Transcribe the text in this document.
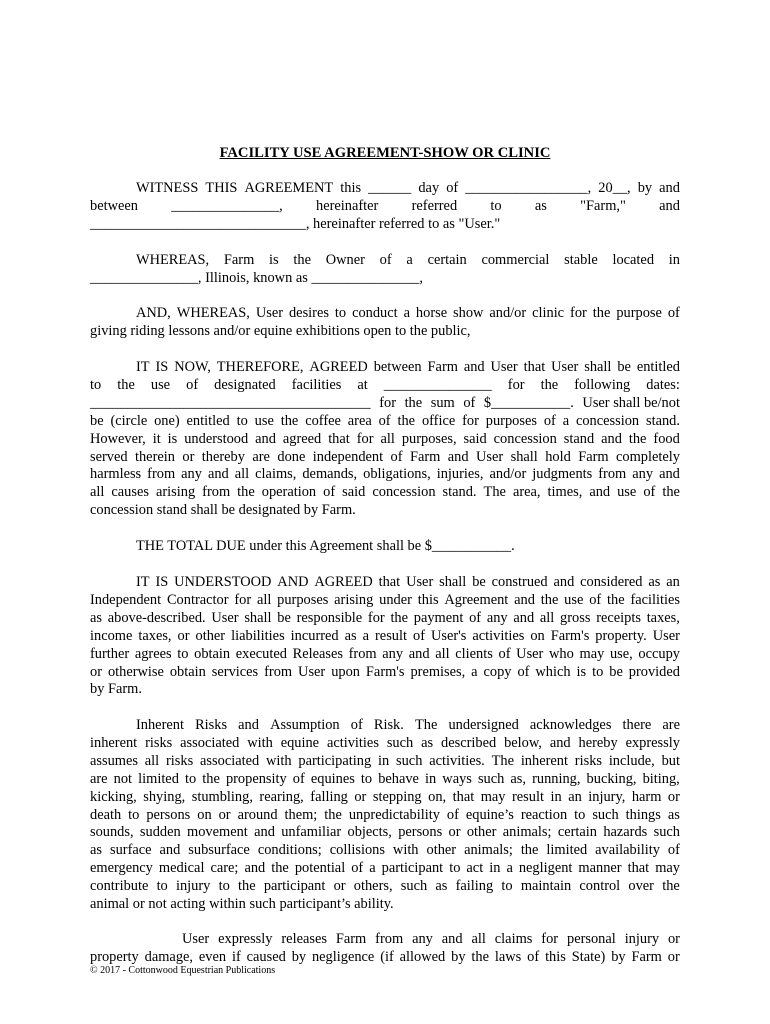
FACILITY USE AGREEMENT-SHOW OR CLINIC
WITNESS THIS AGREEMENT this ______ day of _________________, 20__, by and
between _______________, hereinafter referred to as "Farm," and
______________________________, hereinafter referred to as "User."
WHEREAS, Farm is the Owner of a certain commercial stable located in
_______________, Illinois, known as _______________,
AND, WHEREAS, User desires to conduct a horse show and/or clinic for the purpose of
giving riding lessons and/or equine exhibitions open to the public,
IT IS NOW, THEREFORE, AGREED between Farm and User that User shall be entitled
to the use of designated facilities at _______________ for the following dates:
_______________________________________ for the sum of $___________. User shall be/not
be (circle one) entitled to use the coffee area of the office for purposes of a concession stand.
However, it is understood and agreed that for all purposes, said concession stand and the food
served therein or thereby are done independent of Farm and User shall hold Farm completely
harmless from any and all claims, demands, obligations, injuries, and/or judgments from any and
all causes arising from the operation of said concession stand. The area, times, and use of the
concession stand shall be designated by Farm.
THE TOTAL DUE under this Agreement shall be $___________.
IT IS UNDERSTOOD AND AGREED that User shall be construed and considered as an
Independent Contractor for all purposes arising under this Agreement and the use of the facilities
as above-described. User shall be responsible for the payment of any and all gross receipts taxes,
income taxes, or other liabilities incurred as a result of User's activities on Farm's property. User
further agrees to obtain executed Releases from any and all clients of User who may use, occupy
or otherwise obtain services from User upon Farm's premises, a copy of which is to be provided
by Farm.
Inherent Risks and Assumption of Risk. The undersigned acknowledges there are
inherent risks associated with equine activities such as described below, and hereby expressly
assumes all risks associated with participating in such activities. The inherent risks include, but
are not limited to the propensity of equines to behave in ways such as, running, bucking, biting,
kicking, shying, stumbling, rearing, falling or stepping on, that may result in an injury, harm or
death to persons on or around them; the unpredictability of equine’s reaction to such things as
sounds, sudden movement and unfamiliar objects, persons or other animals; certain hazards such
as surface and subsurface conditions; collisions with other animals; the limited availability of
emergency medical care; and the potential of a participant to act in a negligent manner that may
contribute to injury to the participant or others, such as failing to maintain control over the
animal or not acting within such participant’s ability.
User expressly releases Farm from any and all claims for personal injury or
property damage, even if caused by negligence (if allowed by the laws of this State) by Farm or
© 2017 - Cottonwood Equestrian Publications
